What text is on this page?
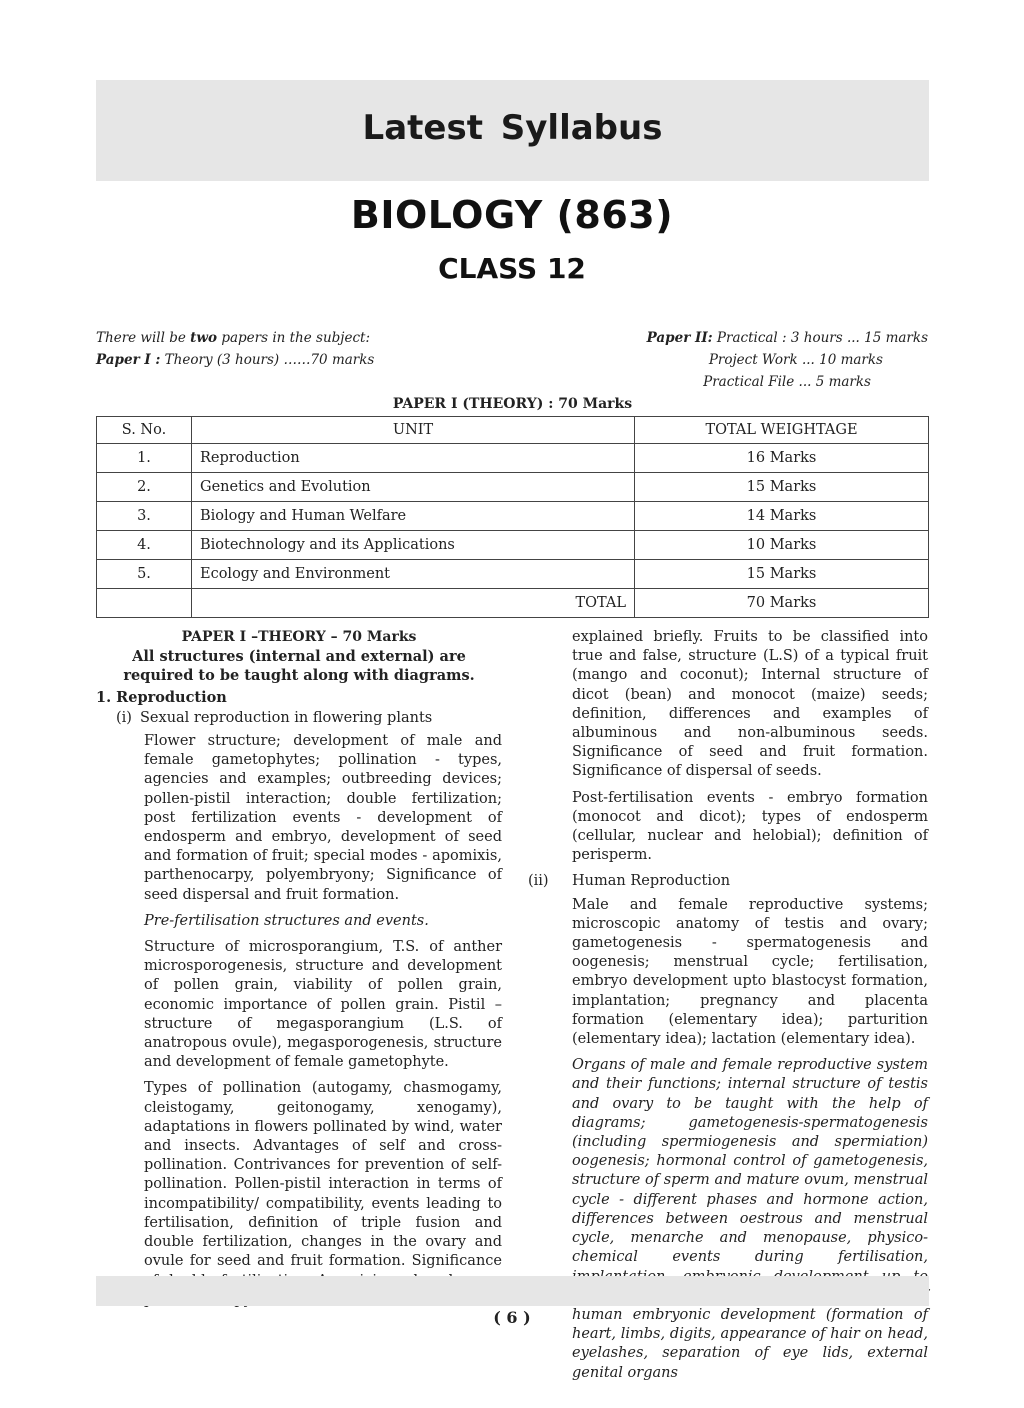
Latest Syllabus
BIOLOGY (863)
CLASS 12
There will be two papers in the subject:
Paper I : Theory (3 hours) ……70 marks
Paper II: Practical : 3 hours ... 15 marks
Project Work ... 10 marks
Practical File ... 5 marks
PAPER I (THEORY) : 70 Marks
S. No.	UNIT	TOTAL WEIGHTAGE
1.	Reproduction	16 Marks
2.	Genetics and Evolution	15 Marks
3.	Biology and Human Welfare	14 Marks
4.	Biotechnology and its Applications	10 Marks
5.	Ecology and Environment	15 Marks
	TOTAL	70 Marks
PAPER I –THEORY – 70 Marks
All structures (internal and external) are required to be taught along with diagrams.
1. Reproduction
(i) Sexual reproduction in flowering plants

Flower structure; development of male and female gametophytes; pollination - types, agencies and examples; outbreeding devices; pollen-pistil interaction; double fertilization; post fertilization events - development of endosperm and embryo, development of seed and formation of fruit; special modes - apomixis, parthenocarpy, polyembryony; Significance of seed dispersal and fruit formation.

Pre-fertilisation structures and events.

Structure of microsporangium, T.S. of anther microsporogenesis, structure and development of pollen grain, viability of pollen grain, economic importance of pollen grain. Pistil – structure of megasporangium (L.S. of anatropous ovule), megasporogenesis, structure and development of female gametophyte.

Types of pollination (autogamy, chasmogamy, cleistogamy, geitonogamy, xenogamy), adaptations in flowers pollinated by wind, water and insects. Advantages of self and cross-pollination. Contrivances for prevention of self-pollination. Pollen-pistil interaction in terms of incompatibility/ compatibility, events leading to fertilisation, definition of triple fusion and double fertilization, changes in the ovary and ovule for seed and fruit formation. Significance

explained briefly. Fruits to be classified into true and false, structure (L.S) of a typical fruit (mango and coconut); Internal structure of dicot (bean) and monocot (maize) seeds; definition, differences and examples of albuminous and non-albuminous seeds. Significance of seed and fruit formation. Significance of dispersal of seeds.

Post-fertilisation events - embryo formation (monocot and dicot); types of endosperm (cellular, nuclear and helobial); definition of perisperm.

(ii)	Human Reproduction

Male and female reproductive systems; microscopic anatomy of testis and ovary; gametogenesis - spermatogenesis and oogenesis; menstrual cycle; fertilisation, embryo development upto blastocyst formation, implantation; pregnancy and placenta formation (elementary idea); parturition (elementary idea); lactation (elementary idea).

Organs of male and female reproductive system and their functions; internal structure of testis and ovary to be taught with the help of diagrams; gametogenesis-spermatogenesis (including spermiogenesis and spermiation) oogenesis; hormonal control of gametogenesis, structure of sperm and mature ovum, menstrual cycle - different phases and hormone action, differences between oestrous and menstrual cycle, menarche and menopause, physico-chemical events during fertilisation, human embryonic development (formation of heart, limbs, digits, appearance of hair on head, eyelashes, separation of eye lids, external genital organs

( 6 )
